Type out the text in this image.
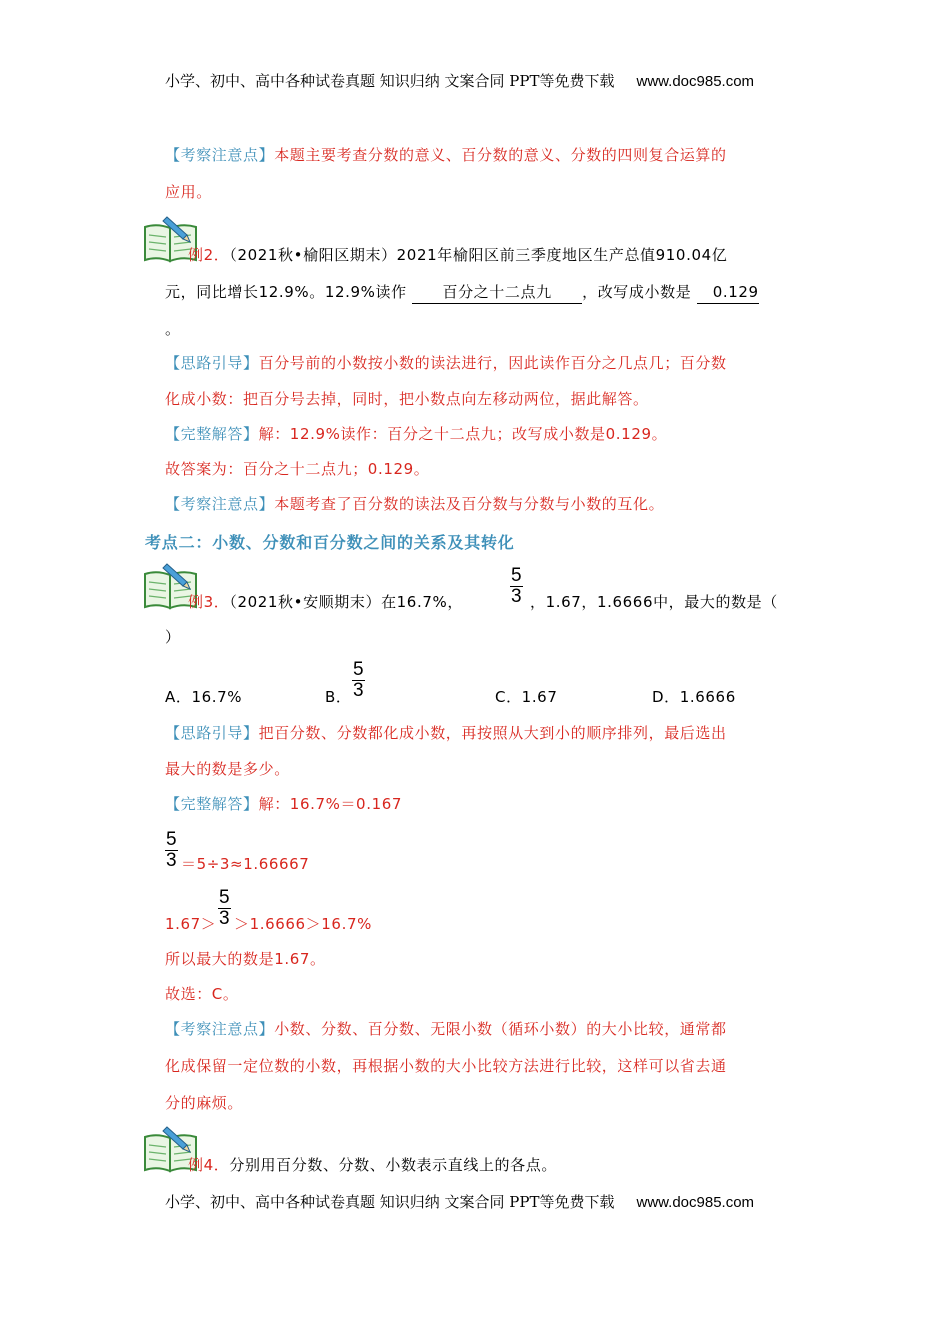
小学、初中、高中各种试卷真题 知识归纳 文案合同 PPT等免费下载 www.doc985.com
【考察注意点】本题主要考查分数的意义、百分数的意义、分数的四则复合运算的
应用。
例2．（2021秋•榆阳区期末）2021年榆阳区前三季度地区生产总值910.04亿
元，同比增长12.9%。12.9%读作 百分之十二点九 ，改写成小数是 0.129
。
【思路引导】百分号前的小数按小数的读法进行，因此读作百分之几点几；百分数
化成小数：把百分号去掉，同时，把小数点向左移动两位，据此解答。
【完整解答】解：12.9%读作：百分之十二点九；改写成小数是0.129。
故答案为：百分之十二点九；0.129。
【考察注意点】本题考查了百分数的读法及百分数与分数与小数的互化。
考点二：小数、分数和百分数之间的关系及其转化
例3．（2021秋•安顺期末）在16.7%， $\frac{5}{3}$ ，1.67，1.6666中，最大的数是（
）
A．16.7%	B． $\frac{5}{3}$	C．1.67	D．1.6666
【思路引导】把百分数、分数都化成小数，再按照从大到小的顺序排列，最后选出
最大的数是多少。
【完整解答】解：16.7%＝0.167
$\frac{5}{3} =5\div 3\approx 1.66667$
$1.67> \frac{5}{3} >1.6666>16.7\%$
所以最大的数是1.67。
故选：C。
【考察注意点】小数、分数、百分数、无限小数（循环小数）的大小比较，通常都
化成保留一定位数的小数，再根据小数的大小比较方法进行比较，这样可以省去通
分的麻烦。
例4．分别用百分数、分数、小数表示直线上的各点。
小学、初中、高中各种试卷真题 知识归纳 文案合同 PPT等免费下载 www.doc985.com
